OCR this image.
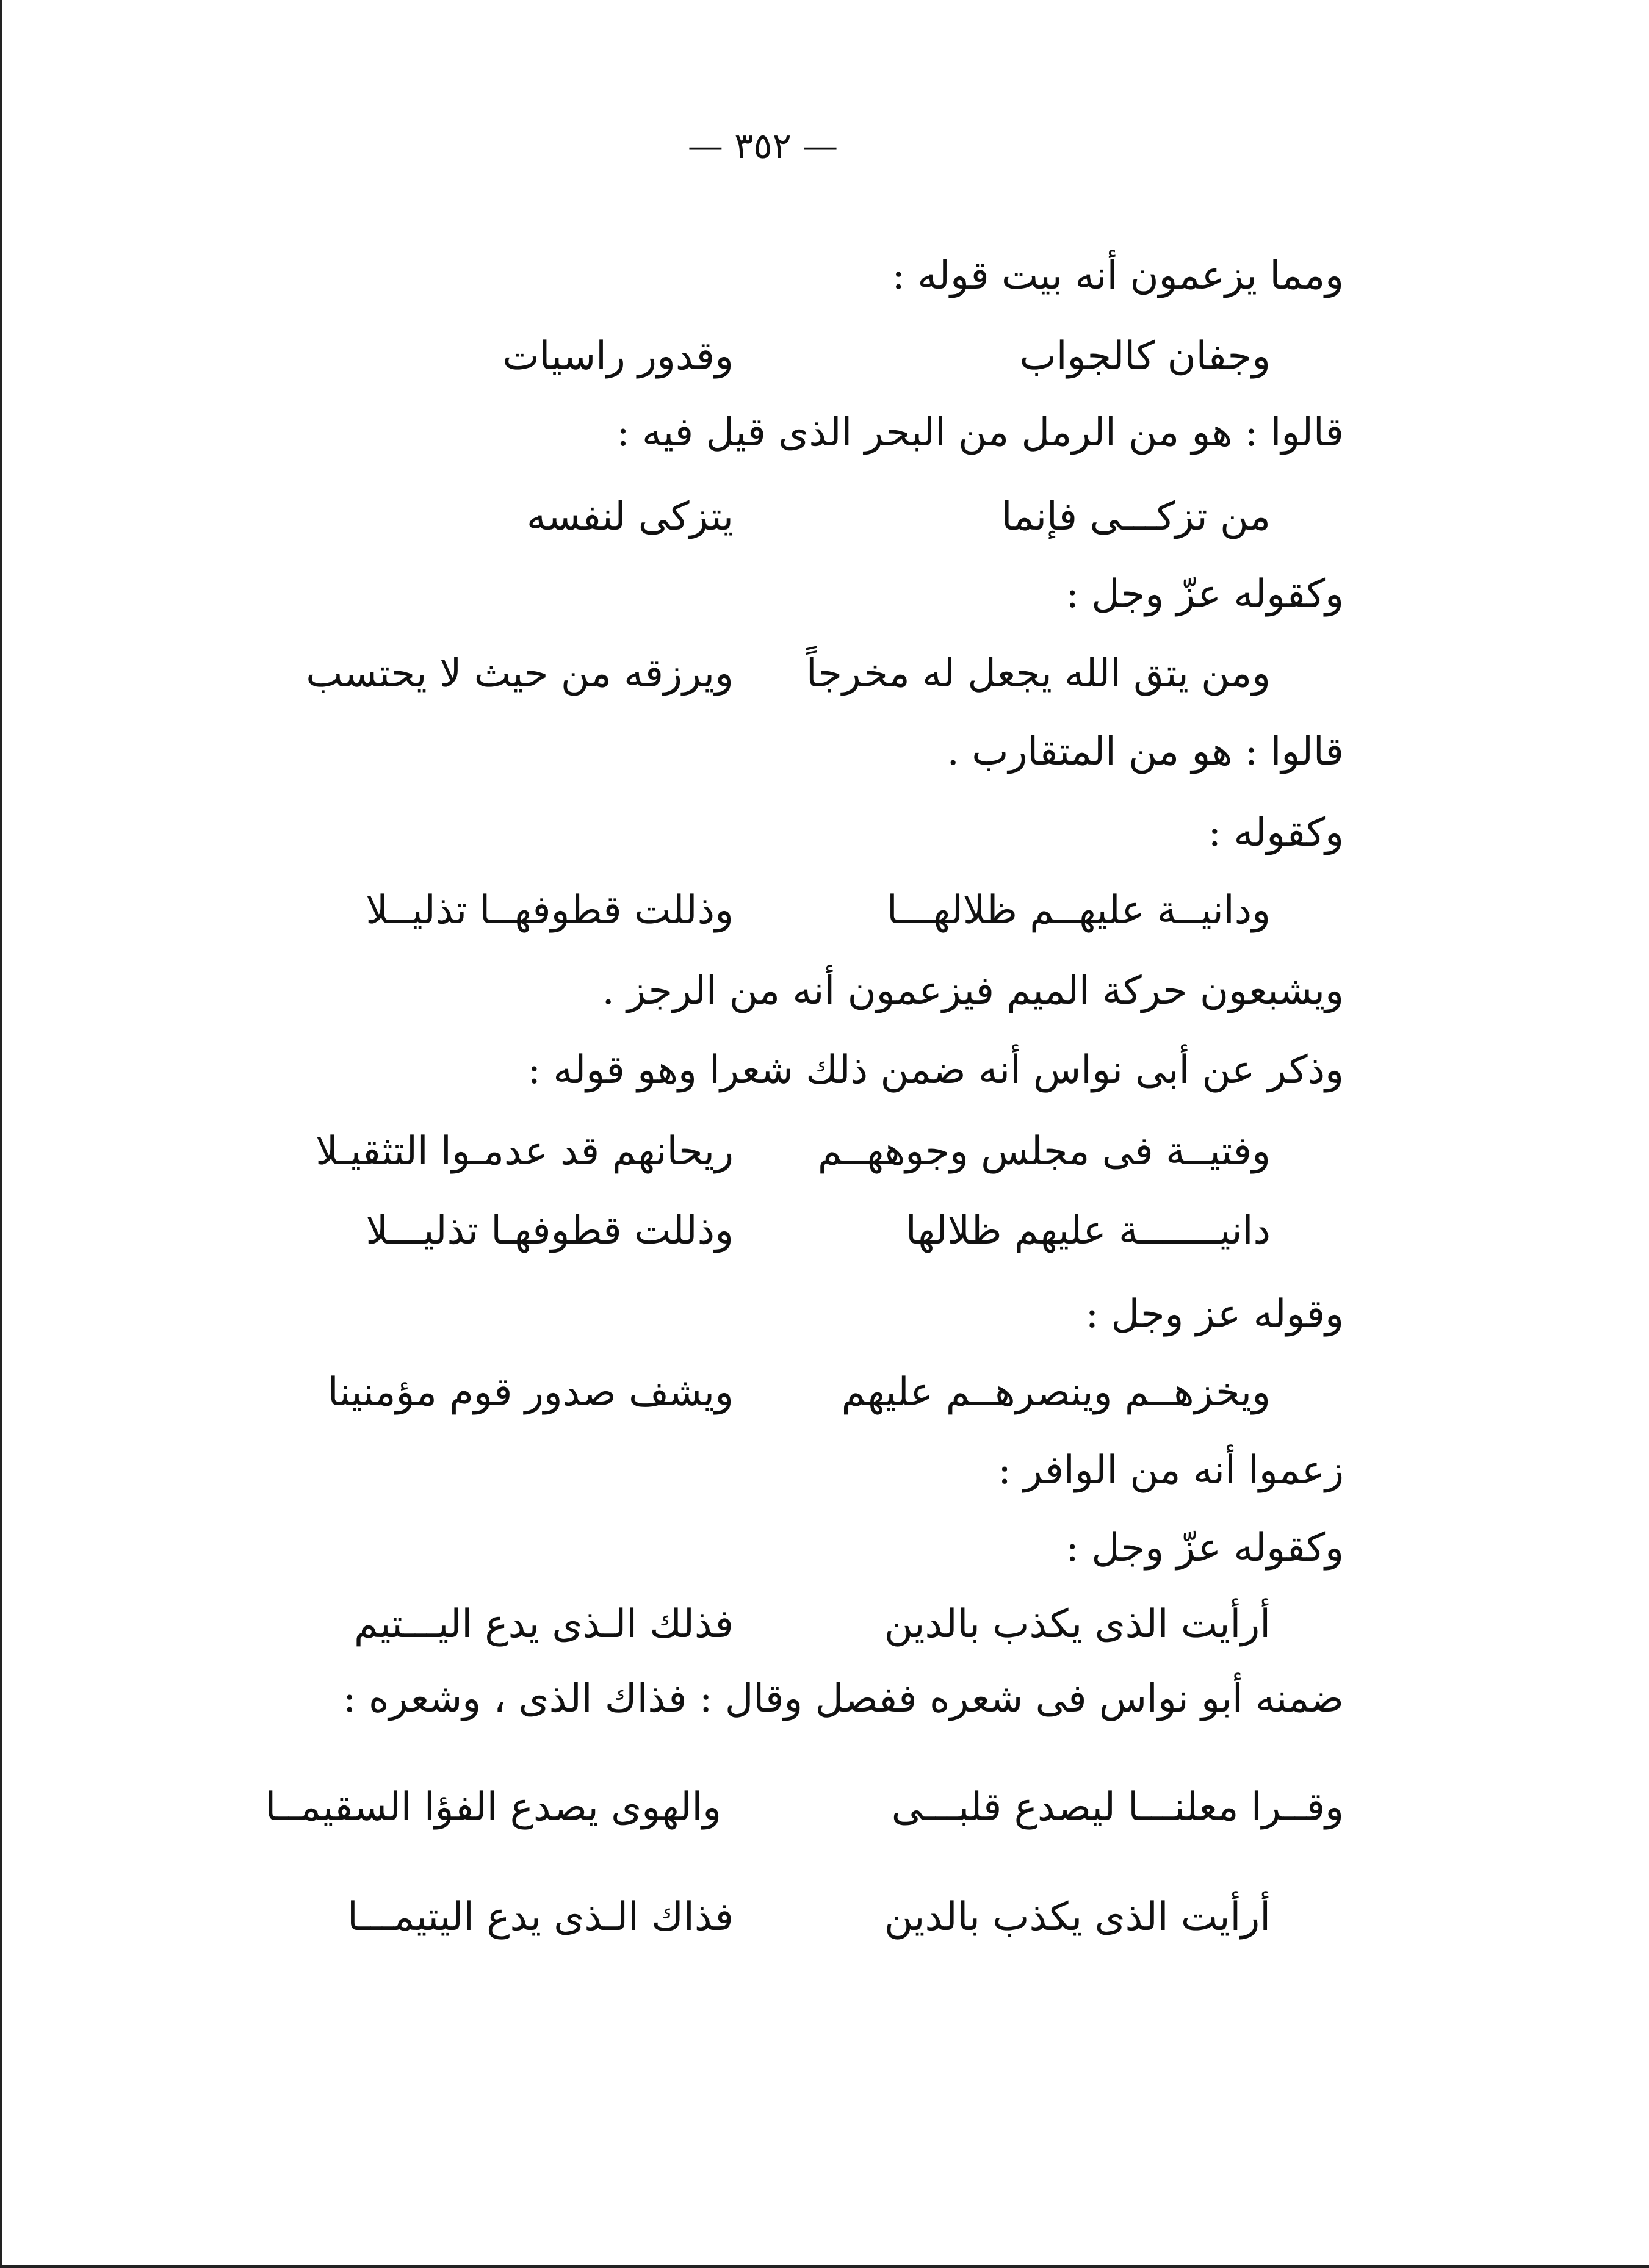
— ٣٥٢ —
ومما يزعمون أنه بيت قوله :
وجفان كالجواب
وقدور راسيات
قالوا : هو من الرمل من البحر الذى قيل فيه :
من تزكـــى فإنما
يتزكى لنفسه
وكقوله عزّ وجل :
ومن يتق الله يجعل له مخرجاً
ويرزقه من حيث لا يحتسب
قالوا : هو من المتقارب .
وكقوله :
ودانيــة عليهــم ظلالهـــا
وذللت قطوفهــا تذليــلا
ويشبعون حركة الميم فيزعمون أنه من الرجز .
وذكر عن أبى نواس أنه ضمن ذلك شعرا وهو قوله :
وفتيــة فى مجلس وجوههــم
ريحانهم قد عدمـوا التثقيـلا
دانيـــــــة عليهم ظلالها
وذللت قطوفهـا تذليـــلا
وقوله عز وجل :
ويخزهــم وينصرهــم عليهم
ويشف صدور قوم مؤمنينا
زعموا أنه من الوافر :
وكقوله عزّ وجل :
أرأيت الذى يكذب بالدين
فذلك الـذى يدع اليـــتيم
ضمنه أبو نواس فى شعره ففصل وقال : فذاك الذى ، وشعره :
وقــرا معلنـــا ليصدع قلبـــى
والهوى يصدع الفؤا السقيمــا
أرأيت الذى يكذب بالدين
فذاك الـذى يدع اليتيمـــا
